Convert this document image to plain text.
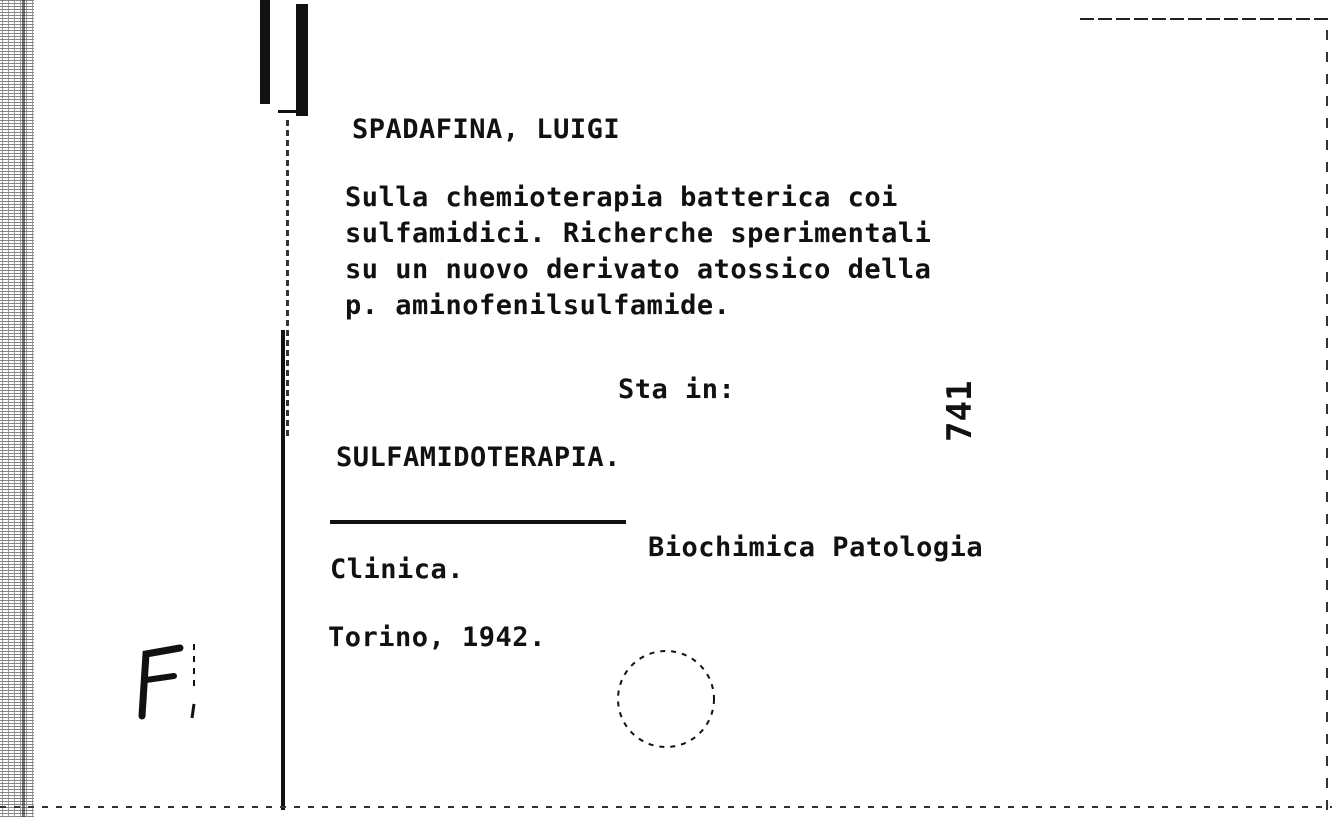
SPADAFINA, LUIGI
Sulla chemioterapia batterica coi
sulfamidici. Richerche sperimentali
su un nuovo derivato atossico della
p. aminofenilsulfamide.
Sta in:	741
SULFAMIDOTERAPIA.
Biochimica Patologia
Clinica.
Torino, 1942.
